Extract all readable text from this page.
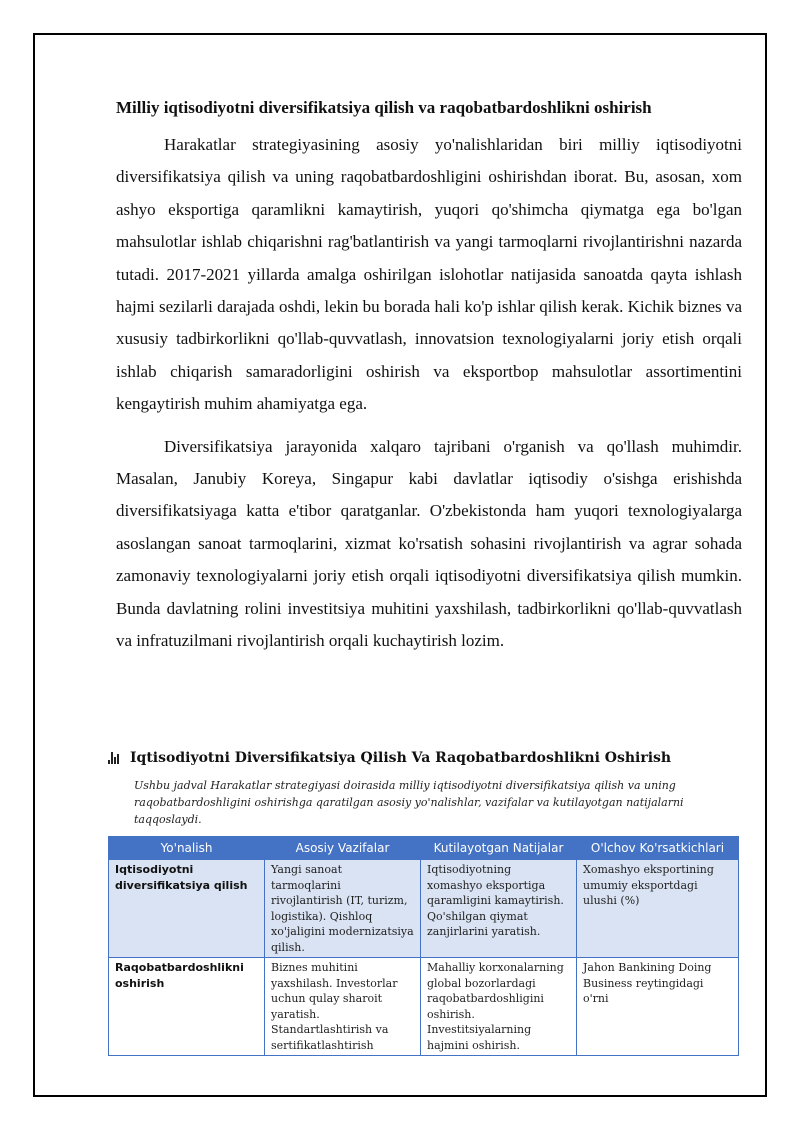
Milliy iqtisodiyotni diversifikatsiya qilish va raqobatbardoshlikni oshirish

Harakatlar strategiyasining asosiy yo'nalishlaridan biri milliy iqtisodiyotni diversifikatsiya qilish va uning raqobatbardoshligini oshirishdan iborat. Bu, asosan, xom ashyo eksportiga qaramlikni kamaytirish, yuqori qo'shimcha qiymatga ega bo'lgan mahsulotlar ishlab chiqarishni rag'batlantirish va yangi tarmoqlarni rivojlantirishni nazarda tutadi. 2017-2021 yillarda amalga oshirilgan islohotlar natijasida sanoatda qayta ishlash hajmi sezilarli darajada oshdi, lekin bu borada hali ko'p ishlar qilish kerak. Kichik biznes va xususiy tadbirkorlikni qo'llab-quvvatlash, innovatsion texnologiyalarni joriy etish orqali ishlab chiqarish samaradorligini oshirish va eksportbop mahsulotlar assortimentini kengaytirish muhim ahamiyatga ega.

Diversifikatsiya jarayonida xalqaro tajribani o'rganish va qo'llash muhimdir. Masalan, Janubiy Koreya, Singapur kabi davlatlar iqtisodiy o'sishga erishishda diversifikatsiyaga katta e'tibor qaratganlar. O'zbekistonda ham yuqori texnologiyalarga asoslangan sanoat tarmoqlarini, xizmat ko'rsatish sohasini rivojlantirish va agrar sohada zamonaviy texnologiyalarni joriy etish orqali iqtisodiyotni diversifikatsiya qilish mumkin. Bunda davlatning rolini investitsiya muhitini yaxshilash, tadbirkorlikni qo'llab-quvvatlash va infratuzilmani rivojlantirish orqali kuchaytirish lozim.

Iqtisodiyotni Diversifikatsiya Qilish Va Raqobatbardoshlikni Oshirish
Ushbu jadval Harakatlar strategiyasi doirasida milliy iqtisodiyotni diversifikatsiya qilish va uning raqobatbardoshligini oshirishga qaratilgan asosiy yo'nalishlar, vazifalar va kutilayotgan natijalarni taqqoslaydi.
Yo'nalish	Asosiy Vazifalar	Kutilayotgan Natijalar	O'lchov Ko'rsatkichlari
Iqtisodiyotni diversifikatsiya qilish	Yangi sanoat tarmoqlarini rivojlantirish (IT, turizm, logistika). Qishloq xo'jaligini modernizatsiya qilish.	Iqtisodiyotning xomashyo eksportiga qaramligini kamaytirish. Qo'shilgan qiymat zanjirlarini yaratish.	Xomashyo eksportining umumiy eksportdagi ulushi (%)
Raqobatbardoshlikni oshirish	Biznes muhitini yaxshilash. Investorlar uchun qulay sharoit yaratish. Standartlashtirish va sertifikatlashtirish	Mahalliy korxonalarning global bozorlardagi raqobatbardoshligini oshirish. Investitsiyalarning hajmini oshirish.	Jahon Bankining Doing Business reytingidagi o'rni
